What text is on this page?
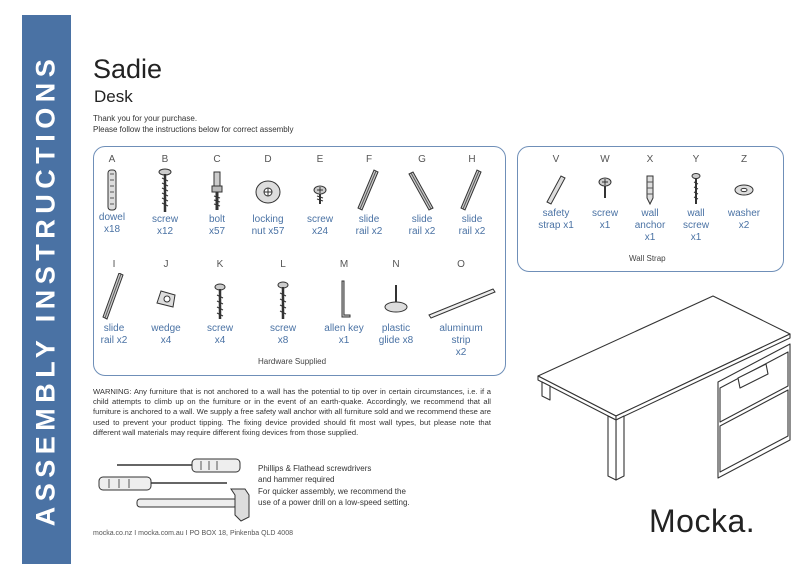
ASSEMBLY INSTRUCTIONS Sadie
Desk
Thank you for your purchase.
Please follow the instructions below for correct assembly
Hardware Supplied
A
dowel
x18
B
screw
x12
C
bolt
x57
D
locking
nut x57
E
screw
x24
F
slide
rail x2
G
slide
rail x2
H
slide
rail x2
I
slide
rail x2
J
wedge
x4
K
screw
x4
L
screw
x8
M
allen key
x1
N
plastic
glide x8
O
aluminum
strip
x2
Wall Strap
V
safety
strap x1
W
screw
x1
X
wall
anchor
x1
Y
wall
screw
x1
Z
washer
x2
WARNING: Any furniture that is not anchored to a wall has the potential to tip over in certain circumstances, i.e. if a child attempts to climb up on the furniture or in the event of an earth-quake. Accordingly, we recommend that all furniture is anchored to a wall. We supply a free safety wall anchor with all furniture sold and we recommend these are used to prevent your product tipping. The fixing device provided should fit most wall types, but please note that different wall materials may require different fixing devices from those supplied.
Phillips & Flathead screwdrivers
and hammer required
For quicker assembly, we recommend the
use of a power drill on a low-speed setting.
mocka.co.nz I mocka.com.au I PO BOX 18, Pinkenba QLD 4008	Mocka.
